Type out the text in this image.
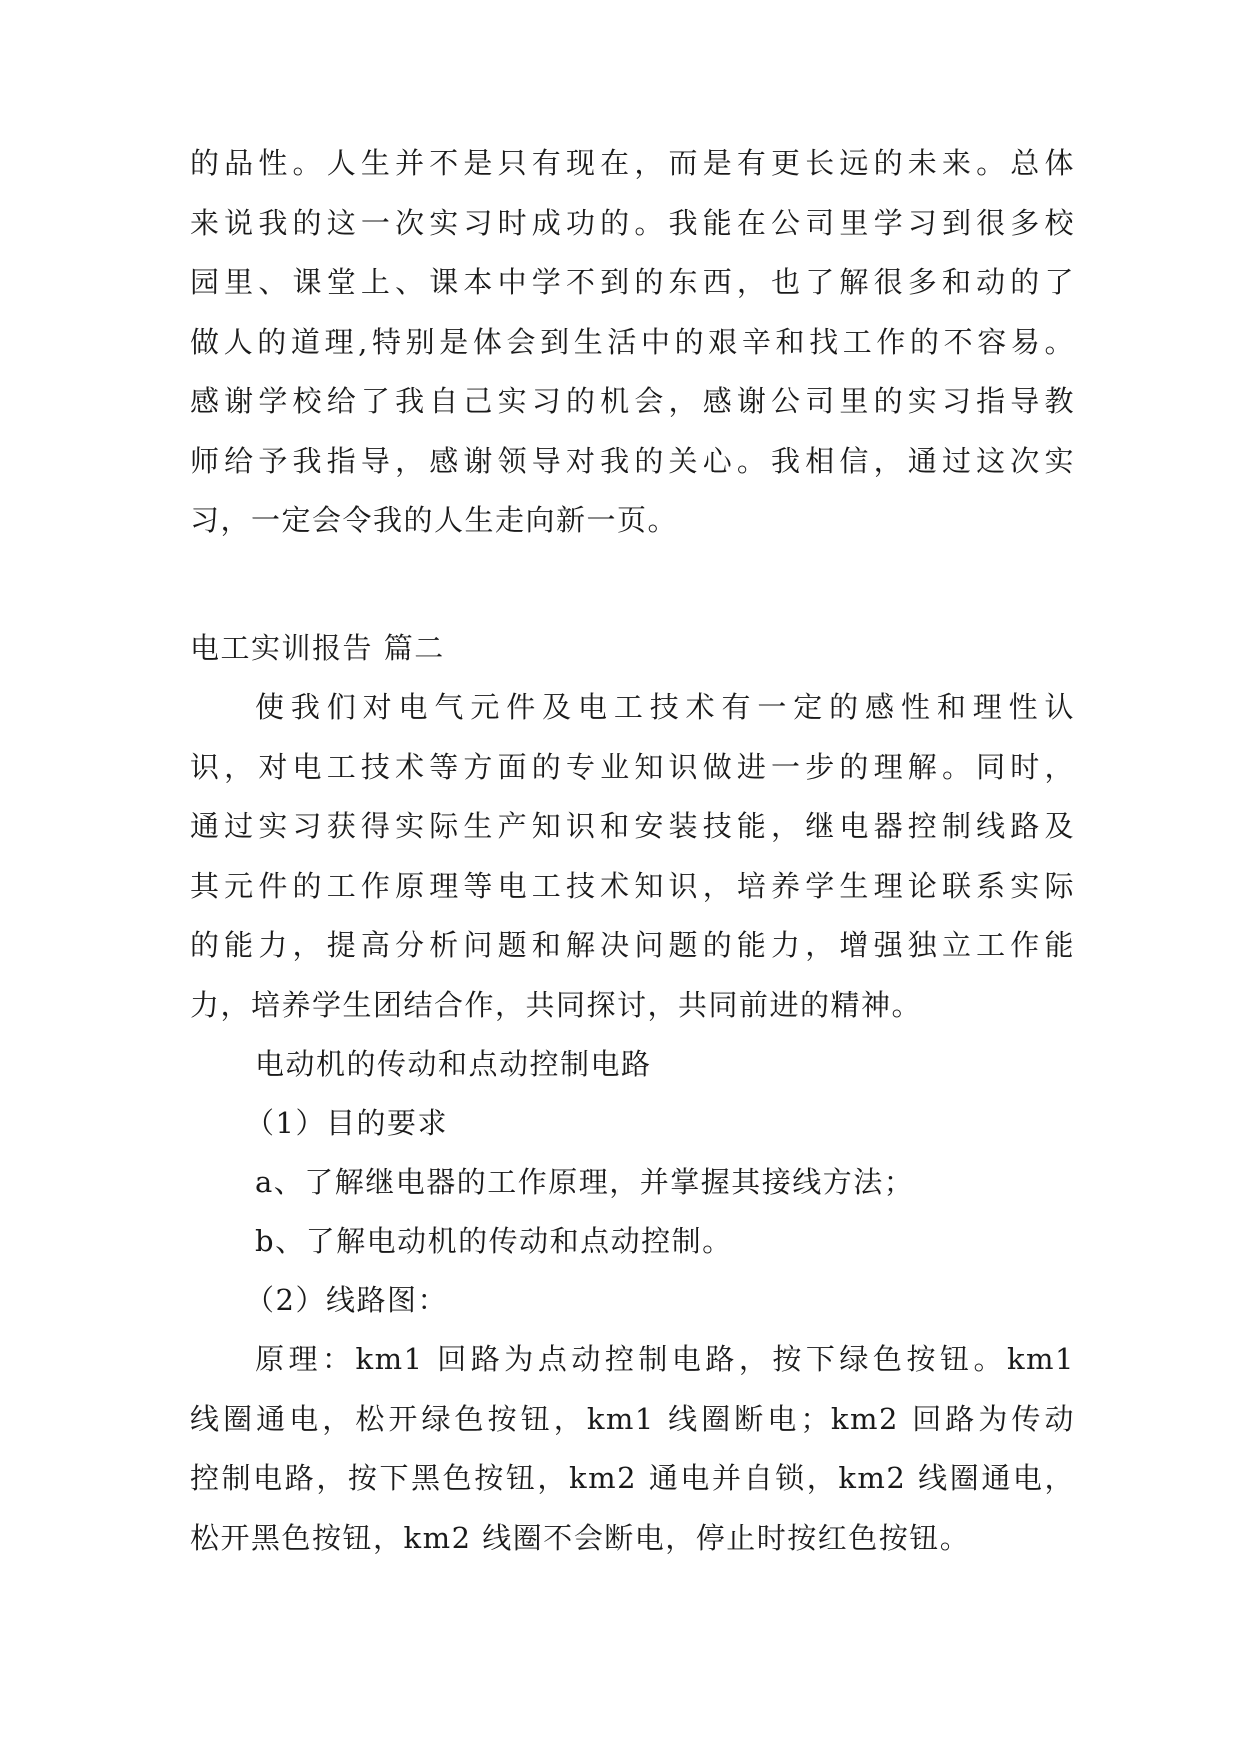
的品性。人生并不是只有现在，而是有更长远的未来。总体
来说我的这一次实习时成功的。我能在公司里学习到很多校
园里、课堂上、课本中学不到的东西，也了解很多和动的了
做人的道理,特别是体会到生活中的艰辛和找工作的不容易。
感谢学校给了我自己实习的机会，感谢公司里的实习指导教
师给予我指导，感谢领导对我的关心。我相信，通过这次实
习，一定会令我的人生走向新一页。
电工实训报告 篇二
使我们对电气元件及电工技术有一定的感性和理性认
识，对电工技术等方面的专业知识做进一步的理解。同时，
通过实习获得实际生产知识和安装技能，继电器控制线路及
其元件的工作原理等电工技术知识，培养学生理论联系实际
的能力，提高分析问题和解决问题的能力，增强独立工作能
力，培养学生团结合作，共同探讨，共同前进的精神。
电动机的传动和点动控制电路
（1）目的要求
a、了解继电器的工作原理，并掌握其接线方法；
b、了解电动机的传动和点动控制。
（2）线路图：
原理：km1 回路为点动控制电路，按下绿色按钮。km1
线圈通电，松开绿色按钮，km1 线圈断电；km2 回路为传动
控制电路，按下黑色按钮，km2 通电并自锁，km2 线圈通电，
松开黑色按钮，km2 线圈不会断电，停止时按红色按钮。
